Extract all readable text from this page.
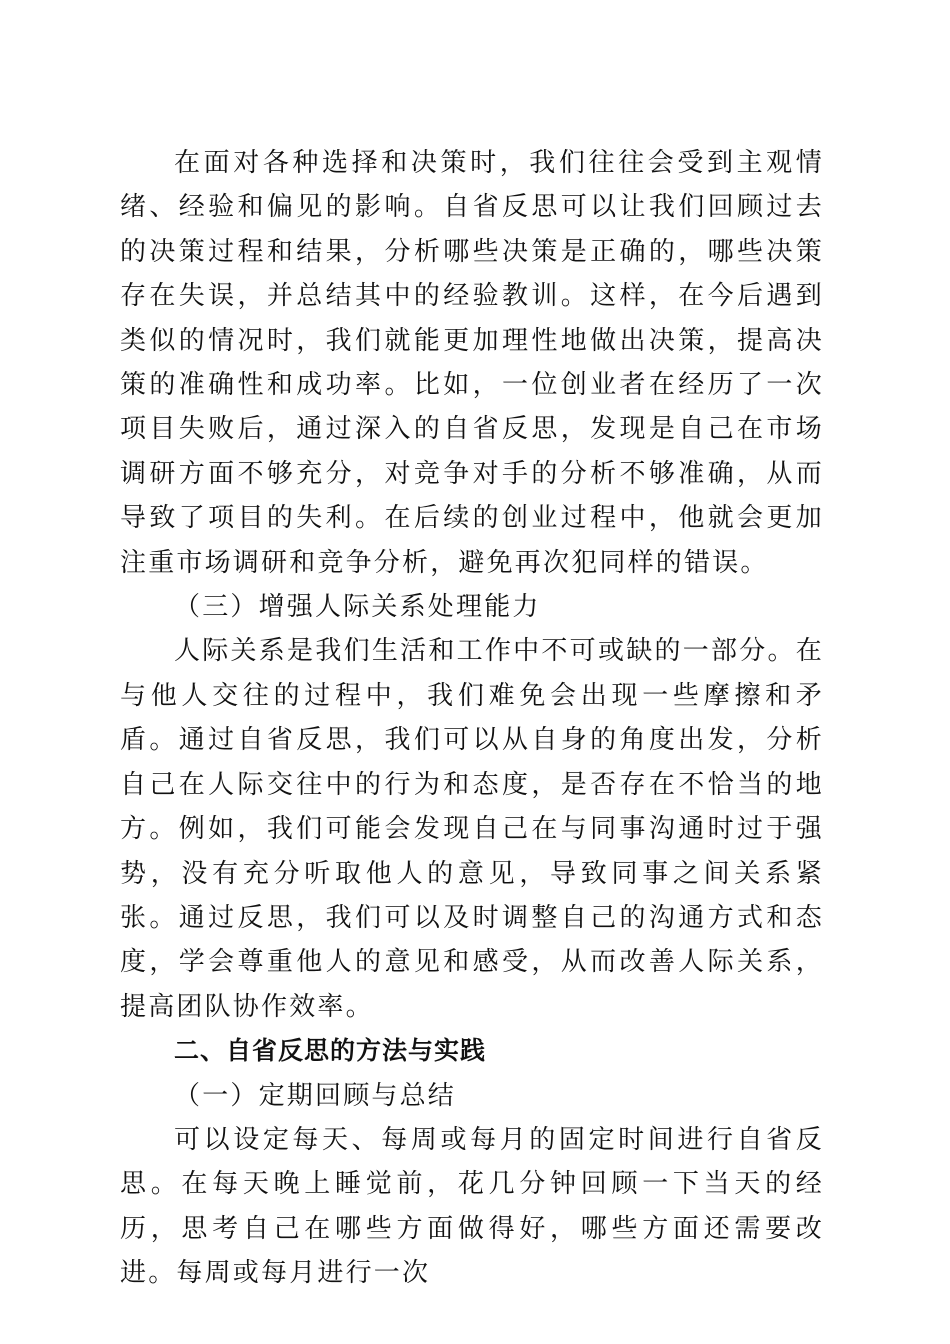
在面对各种选择和决策时，我们往往会受到主观情绪、经验和偏见的影响。自省反思可以让我们回顾过去的决策过程和结果，分析哪些决策是正确的，哪些决策存在失误，并总结其中的经验教训。这样，在今后遇到类似的情况时，我们就能更加理性地做出决策，提高决策的准确性和成功率。比如，一位创业者在经历了一次项目失败后，通过深入的自省反思，发现是自己在市场调研方面不够充分，对竞争对手的分析不够准确，从而导致了项目的失利。在后续的创业过程中，他就会更加注重市场调研和竞争分析，避免再次犯同样的错误。

（三）增强人际关系处理能力

人际关系是我们生活和工作中不可或缺的一部分。在与他人交往的过程中，我们难免会出现一些摩擦和矛盾。通过自省反思，我们可以从自身的角度出发，分析自己在人际交往中的行为和态度，是否存在不恰当的地方。例如，我们可能会发现自己在与同事沟通时过于强势，没有充分听取他人的意见，导致同事之间关系紧张。通过反思，我们可以及时调整自己的沟通方式和态度，学会尊重他人的意见和感受，从而改善人际关系，提高团队协作效率。

二、自省反思的方法与实践

（一）定期回顾与总结

可以设定每天、每周或每月的固定时间进行自省反思。在每天晚上睡觉前，花几分钟回顾一下当天的经历，思考自己在哪些方面做得好，哪些方面还需要改进。每周或每月进行一次
